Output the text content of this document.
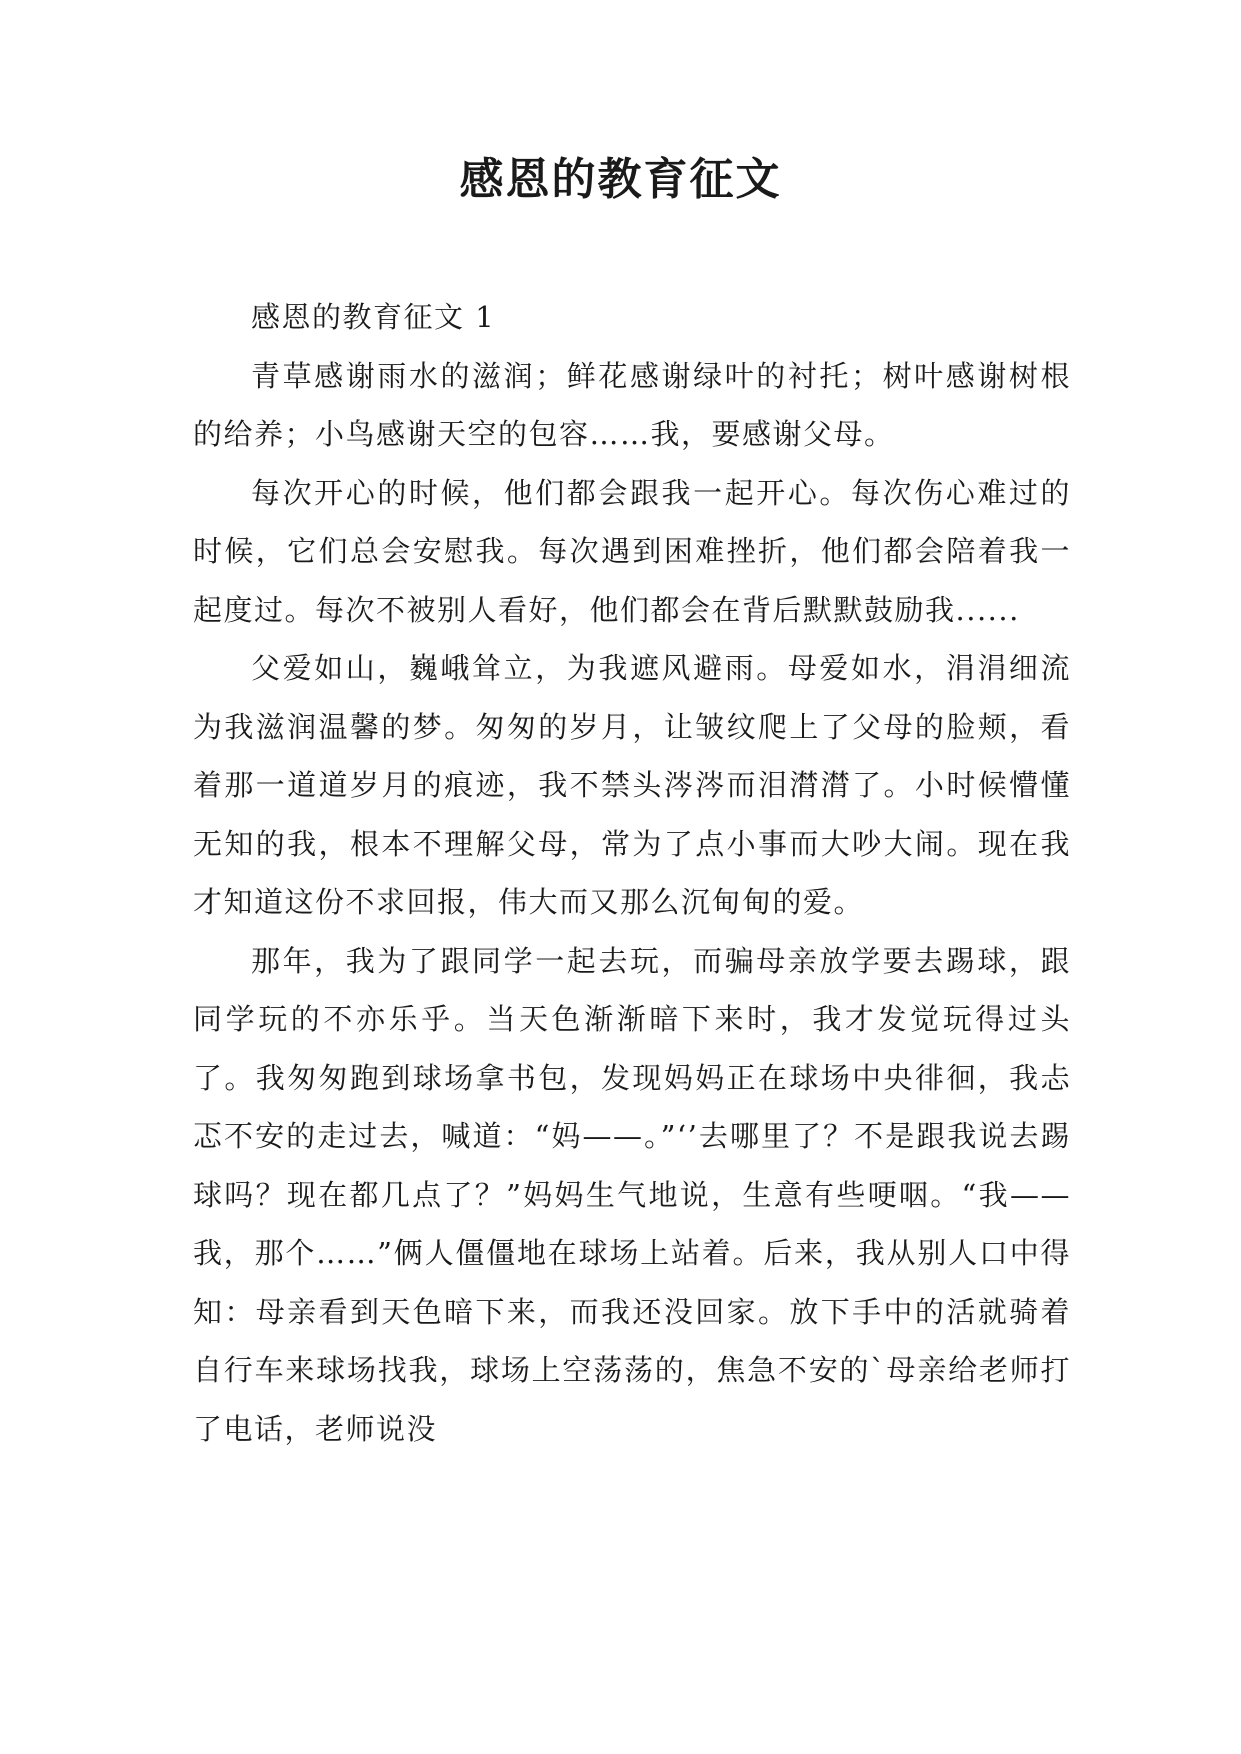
感恩的教育征文

感恩的教育征文 1

青草感谢雨水的滋润；鲜花感谢绿叶的衬托；树叶感谢树根的给养；小鸟感谢天空的包容……我，要感谢父母。

每次开心的时候，他们都会跟我一起开心。每次伤心难过的时候，它们总会安慰我。每次遇到困难挫折，他们都会陪着我一起度过。每次不被别人看好，他们都会在背后默默鼓励我......

父爱如山，巍峨耸立，为我遮风避雨。母爱如水，涓涓细流为我滋润温馨的梦。匆匆的岁月，让皱纹爬上了父母的脸颊，看着那一道道岁月的痕迹，我不禁头涔涔而泪潸潸了。小时候懵懂无知的我，根本不理解父母，常为了点小事而大吵大闹。现在我才知道这份不求回报，伟大而又那么沉甸甸的爱。

那年，我为了跟同学一起去玩，而骗母亲放学要去踢球，跟同学玩的不亦乐乎。当天色渐渐暗下来时，我才发觉玩得过头了。我匆匆跑到球场拿书包，发现妈妈正在球场中央徘徊，我忐忑不安的走过去，喊道：“妈——。”‘’去哪里了？不是跟我说去踢球吗？现在都几点了？”妈妈生气地说，生意有些哽咽。“我——我，那个……”俩人僵僵地在球场上站着。后来，我从别人口中得知：母亲看到天色暗下来，而我还没回家。放下手中的活就骑着自行车来球场找我，球场上空荡荡的，焦急不安的`母亲给老师打了电话，老师说没
